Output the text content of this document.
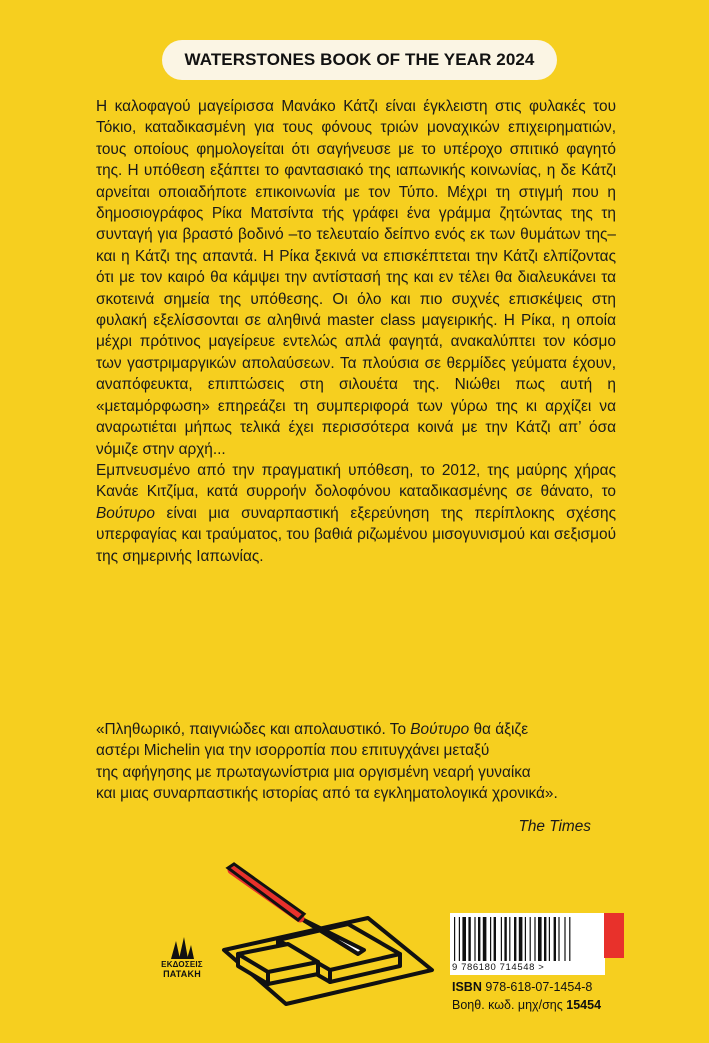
WATERSTONES BOOK OF THE YEAR 2024

Η καλοφαγού μαγείρισσα Μανάκο Κάτζι είναι έγκλειστη στις φυλακές του Τόκιο, καταδικασμένη για τους φόνους τριών μοναχικών επιχειρηματιών, τους οποίους φημολογείται ότι σαγήνευσε με το υπέροχο σπιτικό φαγητό της. Η υπόθεση εξάπτει το φαντασιακό της ιαπωνικής κοινωνίας, η δε Κάτζι αρνείται οποιαδήποτε επικοινωνία με τον Τύπο. Μέχρι τη στιγμή που η δημοσιογράφος Ρίκα Ματσίντα τής γράφει ένα γράμμα ζητώντας της τη συνταγή για βραστό βοδινό –το τελευταίο δείπνο ενός εκ των θυμάτων της– και η Κάτζι της απαντά. Η Ρίκα ξεκινά να επισκέπτεται την Κάτζι ελπίζοντας ότι με τον καιρό θα κάμψει την αντίστασή της και εν τέλει θα διαλευκάνει τα σκοτεινά σημεία της υπόθεσης. Οι όλο και πιο συχνές επισκέψεις στη φυλακή εξελίσσονται σε αληθινά master class μαγειρικής. Η Ρίκα, η οποία μέχρι πρότινος μαγείρευε εντελώς απλά φαγητά, ανακαλύπτει τον κόσμο των γαστριμαργικών απολαύσεων. Τα πλούσια σε θερμίδες γεύματα έχουν, αναπόφευκτα, επιπτώσεις στη σιλουέτα της. Νιώθει πως αυτή η «μεταμόρφωση» επηρεάζει τη συμπεριφορά των γύρω της κι αρχίζει να αναρωτιέται μήπως τελικά έχει περισσότερα κοινά με την Κάτζι απ’ όσα νόμιζε στην αρχή...

Εμπνευσμένο από την πραγματική υπόθεση, το 2012, της μαύρης χήρας Κανάε Κιτζίμα, κατά συρροήν δολοφόνου καταδικασμένης σε θάνατο, το Βούτυρο είναι μια συναρπαστική εξερεύνηση της περίπλοκης σχέσης υπερφαγίας και τραύματος, του βαθιά ριζωμένου μισογυνισμού και σεξισμού της σημερινής Ιαπωνίας.

«Πληθωρικό, παιγνιώδες και απολαυστικό. Το Βούτυρο θα άξιζε

αστέρι Michelin για την ισορροπία που επιτυγχάνει μεταξύ

της αφήγησης με πρωταγωνίστρια μια οργισμένη νεαρή γυναίκα

και μιας συναρπαστικής ιστορίας από τα εγκληματολογικά χρονικά».

The Times
ΕΚΔΟΣΕΙΣ
ΠΑΤΑΚΗ
9 786180 714548 >
ISBN 978-618-07-1454-8
Βοηθ. κωδ. μηχ/σης 15454
